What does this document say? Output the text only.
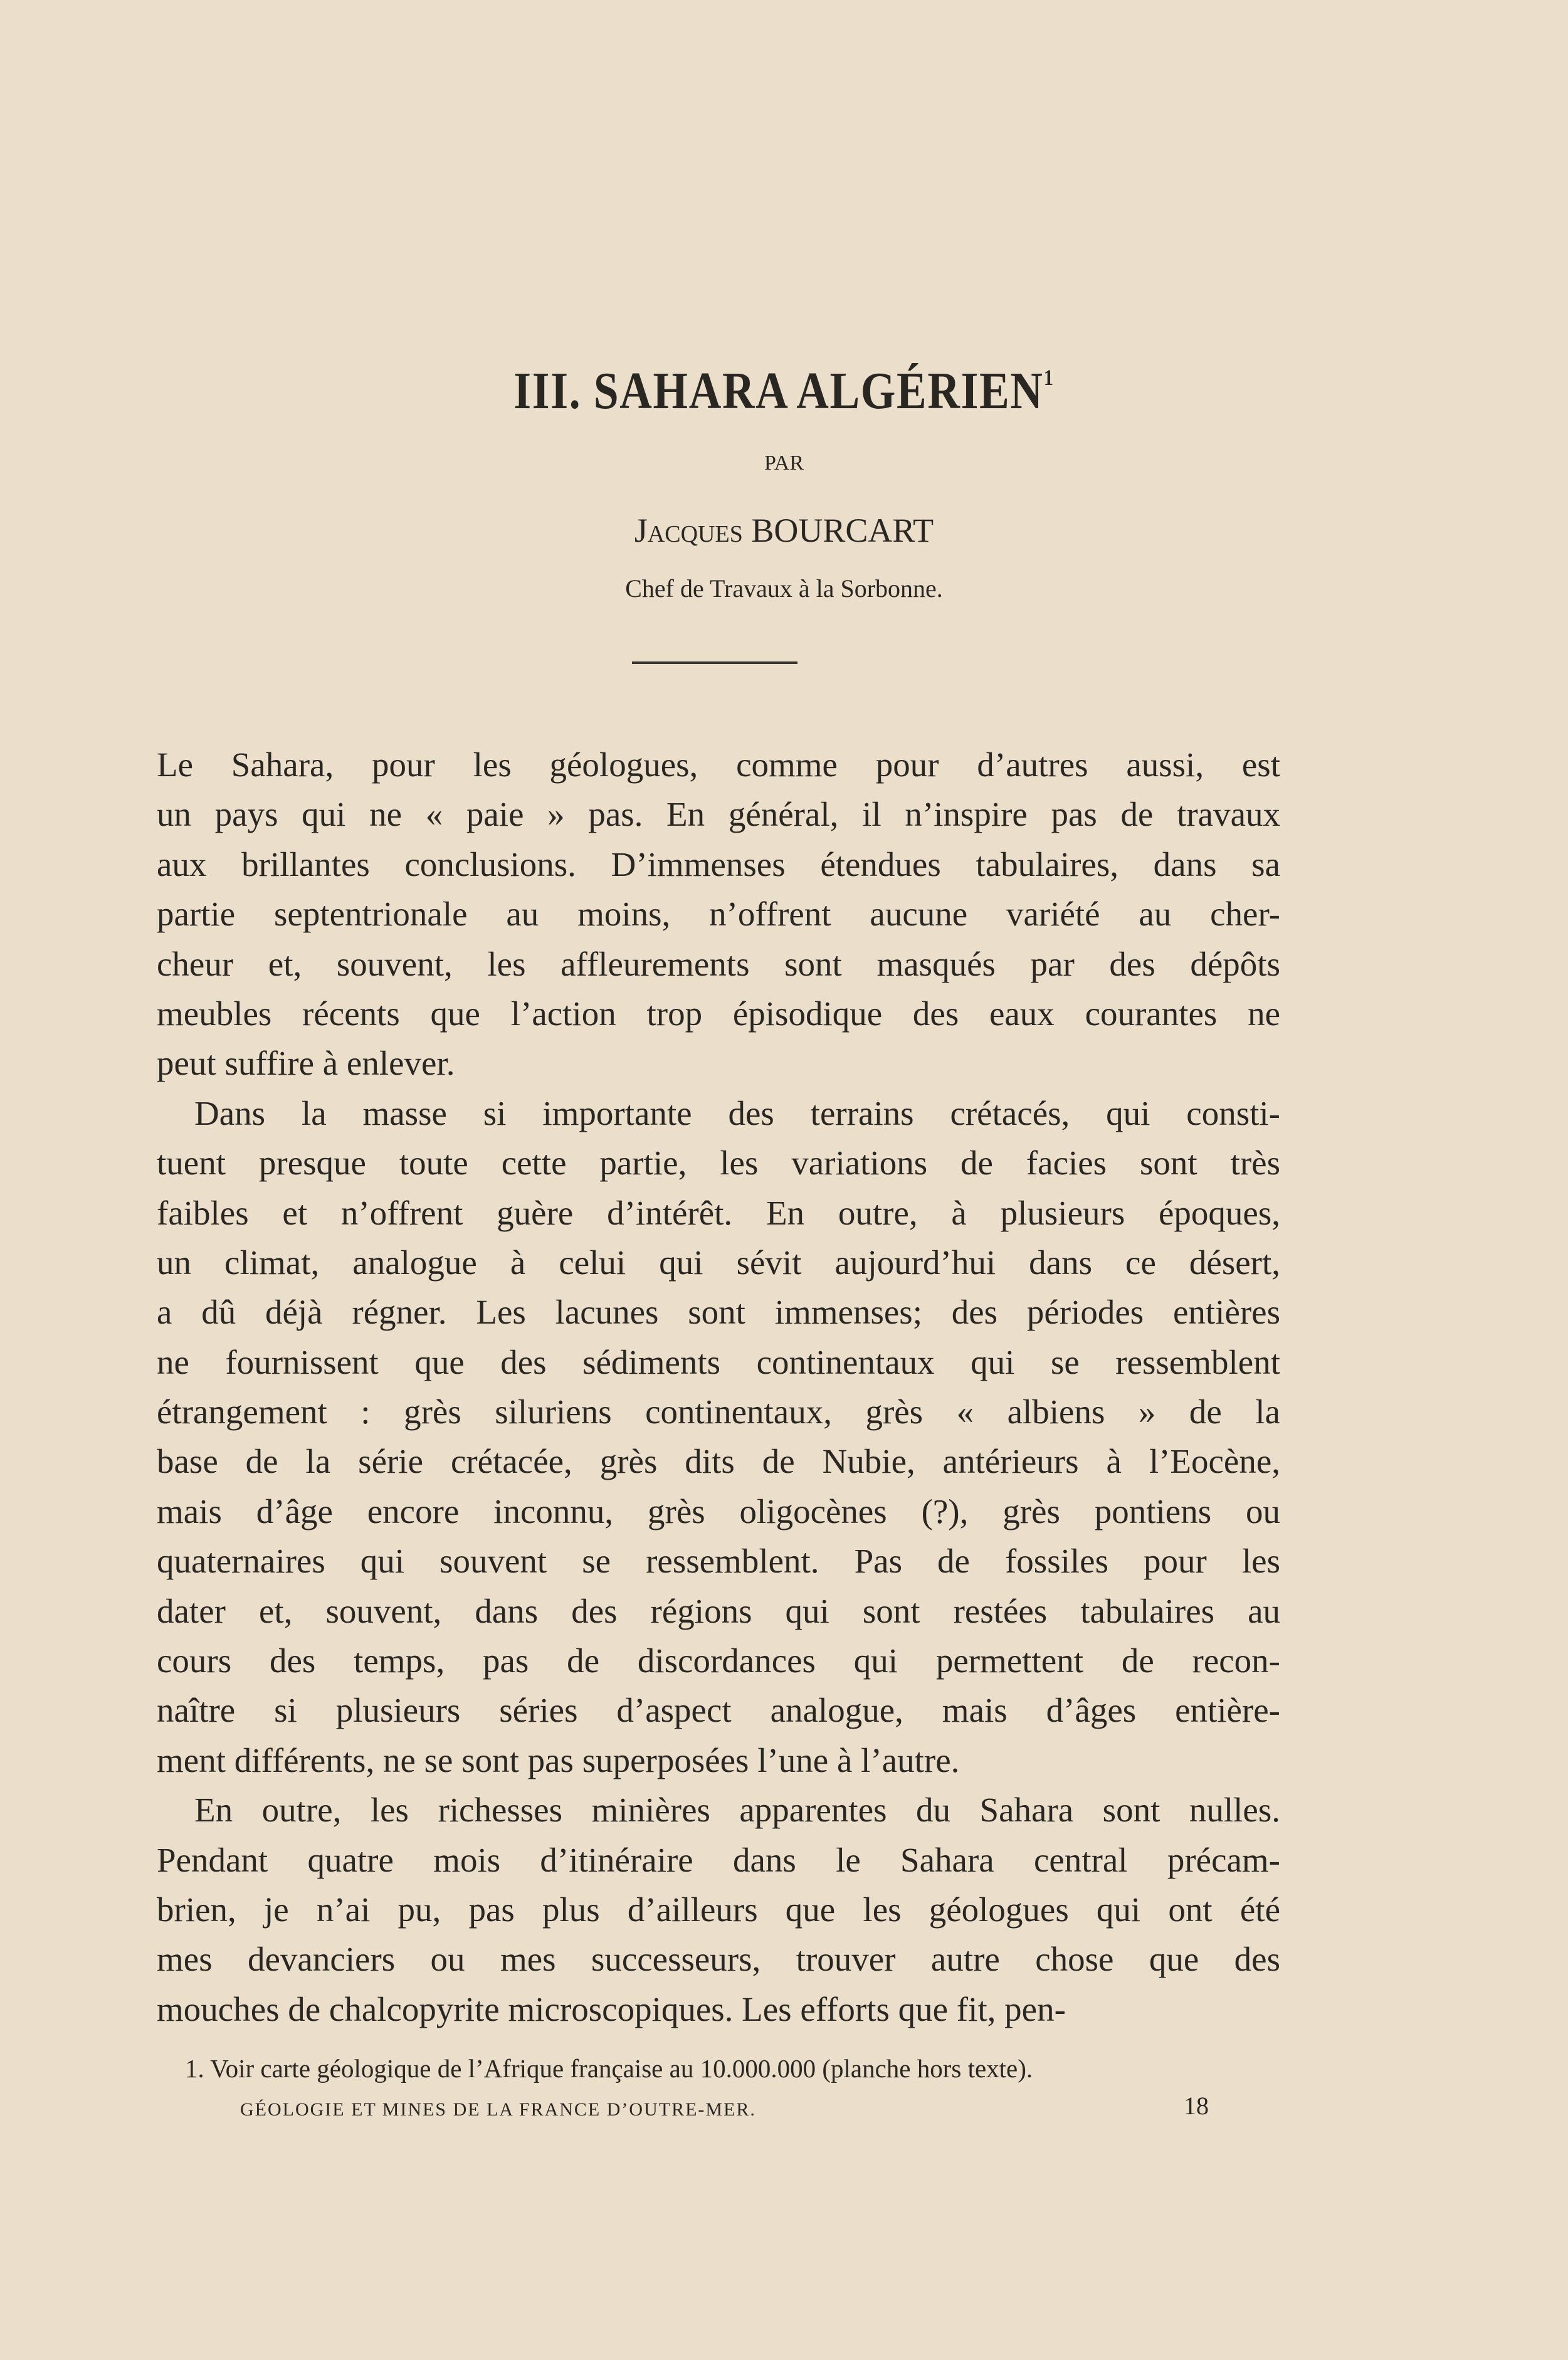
III. SAHARA ALGÉRIEN$^1$
PAR
Jacques BOURCART
Chef de Travaux à la Sorbonne.
Le Sahara, pour les géologues, comme pour d’autres aussi, est
un pays qui ne « paie » pas. En général, il n’inspire pas de travaux
aux brillantes conclusions. D’immenses étendues tabulaires, dans sa
partie septentrionale au moins, n’offrent aucune variété au cher-
cheur et, souvent, les affleurements sont masqués par des dépôts
meubles récents que l’action trop épisodique des eaux courantes ne
peut suffire à enlever.
Dans la masse si importante des terrains crétacés, qui consti-
tuent presque toute cette partie, les variations de facies sont très
faibles et n’offrent guère d’intérêt. En outre, à plusieurs époques,
un climat, analogue à celui qui sévit aujourd’hui dans ce désert,
a dû déjà régner. Les lacunes sont immenses; des périodes entières
ne fournissent que des sédiments continentaux qui se ressemblent
étrangement : grès siluriens continentaux, grès « albiens » de la
base de la série crétacée, grès dits de Nubie, antérieurs à l’Eocène,
mais d’âge encore inconnu, grès oligocènes (?), grès pontiens ou
quaternaires qui souvent se ressemblent. Pas de fossiles pour les
dater et, souvent, dans des régions qui sont restées tabulaires au
cours des temps, pas de discordances qui permettent de recon-
naître si plusieurs séries d’aspect analogue, mais d’âges entière-
ment différents, ne se sont pas superposées l’une à l’autre.
En outre, les richesses minières apparentes du Sahara sont nulles.
Pendant quatre mois d’itinéraire dans le Sahara central précam-
brien, je n’ai pu, pas plus d’ailleurs que les géologues qui ont été
mes devanciers ou mes successeurs, trouver autre chose que des
mouches de chalcopyrite microscopiques. Les efforts que fit, pen-
1. Voir carte géologique de l’Afrique française au 10.000.000 (planche hors texte).
GÉOLOGIE ET MINES DE LA FRANCE D’OUTRE-MER.	18
